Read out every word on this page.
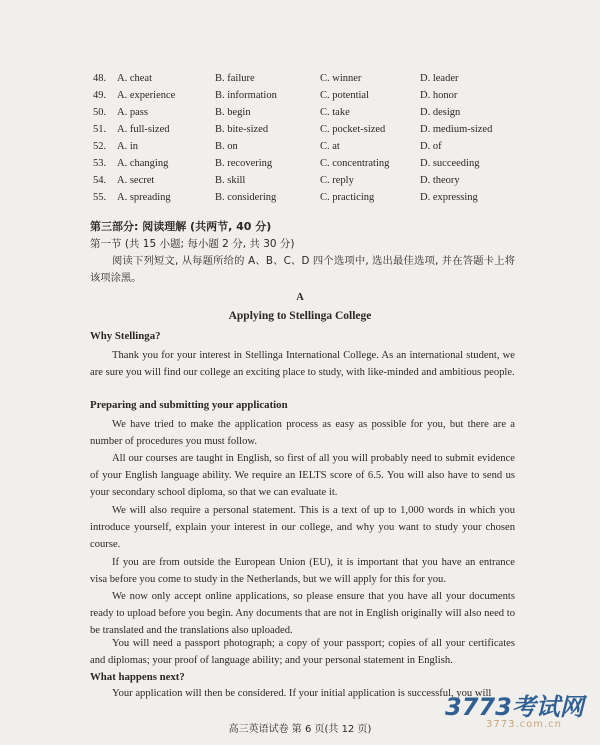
48. A. cheat	B. failure	C. winner	D. leader
49. A. experience	B. information	C. potential	D. honor
50. A. pass	B. begin	C. take	D. design
51. A. full-sized	B. bite-sized	C. pocket-sized	D. medium-sized
52. A. in	B. on	C. at	D. of
53. A. changing	B. recovering	C. concentrating	D. succeeding
54. A. secret	B. skill	C. reply	D. theory
55. A. spreading	B. considering	C. practicing	D. expressing
第三部分: 阅读理解 (共两节, 40 分)
第一节 (共 15 小题; 每小题 2 分, 共 30 分)
阅读下列短文, 从每题所给的 A、B、C、D 四个选项中, 选出最佳选项, 并在答题卡上将该项涂黑。
A
Applying to Stellinga College
Why Stellinga?
Thank you for your interest in Stellinga International College. As an international student, we are sure you will find our college an exciting place to study, with like-minded and ambitious people.
Preparing and submitting your application
We have tried to make the application process as easy as possible for you, but there are a number of procedures you must follow.
All our courses are taught in English, so first of all you will probably need to submit evidence of your English language ability. We require an IELTS score of 6.5. You will also have to send us your secondary school diploma, so that we can evaluate it.
We will also require a personal statement. This is a text of up to 1,000 words in which you introduce yourself, explain your interest in our college, and why you want to study your chosen course.
If you are from outside the European Union (EU), it is important that you have an entrance visa before you come to study in the Netherlands, but we will apply for this for you.
We now only accept online applications, so please ensure that you have all your documents ready to upload before you begin. Any documents that are not in English originally will also need to be translated and the translations also uploaded.
You will need a passport photograph; a copy of your passport; copies of all your certificates and diplomas; your proof of language ability; and your personal statement in English.
What happens next?
Your application will then be considered. If your initial application is successful, you will
高三英语试卷 第 6 页(共 12 页)
3773考试网
3773.com.cn
